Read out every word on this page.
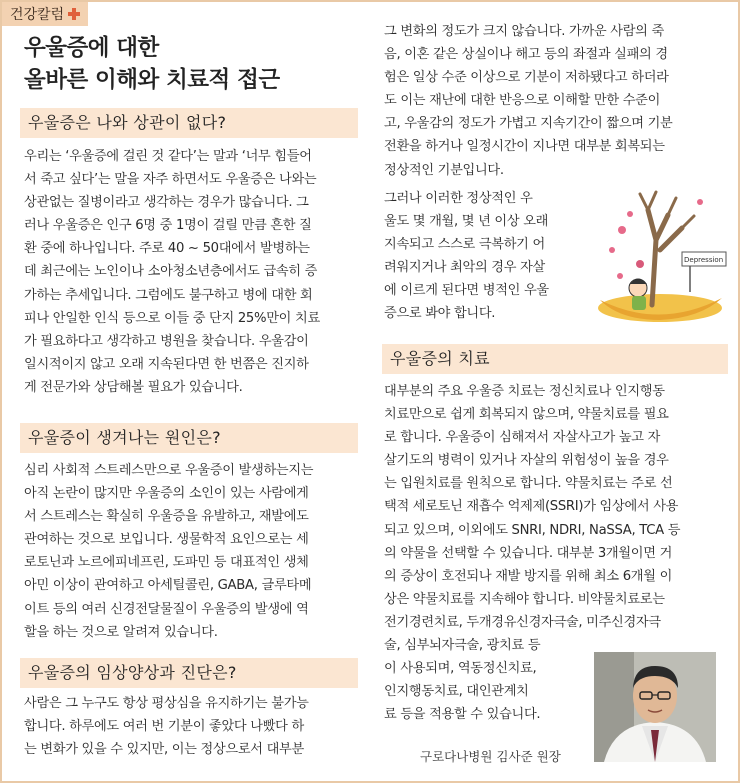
건강칼럼
우울증에 대한
올바른 이해와 치료적 접근
우울증은 나와 상관이 없다?
우리는 ‘우울증에 걸린 것 같다’는 말과 ‘너무 힘들어
서 죽고 싶다’는 말을 자주 하면서도 우울증은 나와는
상관없는 질병이라고 생각하는 경우가 많습니다. 그
러나 우울증은 인구 6명 중 1명이 걸릴 만큼 흔한 질
환 중에 하나입니다. 주로 40 ~ 50대에서 발병하는
데 최근에는 노인이나 소아청소년층에서도 급속히 증
가하는 추세입니다. 그럼에도 불구하고 병에 대한 회
피나 안일한 인식 등으로 이들 중 단지 25%만이 치료
가 필요하다고 생각하고 병원을 찾습니다. 우울감이
일시적이지 않고 오래 지속된다면 한 번쯤은 진지하
게 전문가와 상담해볼 필요가 있습니다.
우울증이 생겨나는 원인은?
심리 사회적 스트레스만으로 우울증이 발생하는지는
아직 논란이 많지만 우울증의 소인이 있는 사람에게
서 스트레스는 확실히 우울증을 유발하고, 재발에도
관여하는 것으로 보입니다. 생물학적 요인으로는 세
로토닌과 노르에피네프린, 도파민 등 대표적인 생체
아민 이상이 관여하고 아세틸콜린, GABA, 글루타메
이트 등의 여러 신경전달물질이 우울증의 발생에 역
할을 하는 것으로 알려져 있습니다.
우울증의 임상양상과 진단은?
사람은 그 누구도 항상 평상심을 유지하기는 불가능
합니다. 하루에도 여러 번 기분이 좋았다 나빴다 하
는 변화가 있을 수 있지만, 이는 정상으로서 대부분
그 변화의 정도가 크지 않습니다. 가까운 사람의 죽
음, 이혼 같은 상실이나 해고 등의 좌절과 실패의 경
험은 일상 수준 이상으로 기분이 저하됐다고 하더라
도 이는 재난에 대한 반응으로 이해할 만한 수준이
고, 우울감의 정도가 가볍고 지속기간이 짧으며 기분
전환을 하거나 일정시간이 지나면 대부분 회복되는
정상적인 기분입니다.
그러나 이러한 정상적인 우
울도 몇 개월, 몇 년 이상 오래
지속되고 스스로 극복하기 어
려워지거나 최악의 경우 자살
에 이르게 된다면 병적인 우울
증으로 봐야 합니다.
Depression
우울증의 치료
대부분의 주요 우울증 치료는 정신치료나 인지행동
치료만으로 쉽게 회복되지 않으며, 약물치료를 필요
로 합니다. 우울증이 심해져서 자살사고가 높고 자
살기도의 병력이 있거나 자살의 위험성이 높을 경우
는 입원치료를 원칙으로 합니다. 약물치료는 주로 선
택적 세로토닌 재흡수 억제제(SSRI)가 임상에서 사용
되고 있으며, 이외에도 SNRI, NDRI, NaSSA, TCA 등
의 약물을 선택할 수 있습니다. 대부분 3개월이면 거
의 증상이 호전되나 재발 방지를 위해 최소 6개월 이
상은 약물치료를 지속해야 합니다. 비약물치료로는
전기경련치료, 두개경유신경자극술, 미주신경자극
술, 심부뇌자극술, 광치료 등
이 사용되며, 역동정신치료,
인지행동치료, 대인관계치
료 등을 적용할 수 있습니다.
구로다나병원 김사준 원장
